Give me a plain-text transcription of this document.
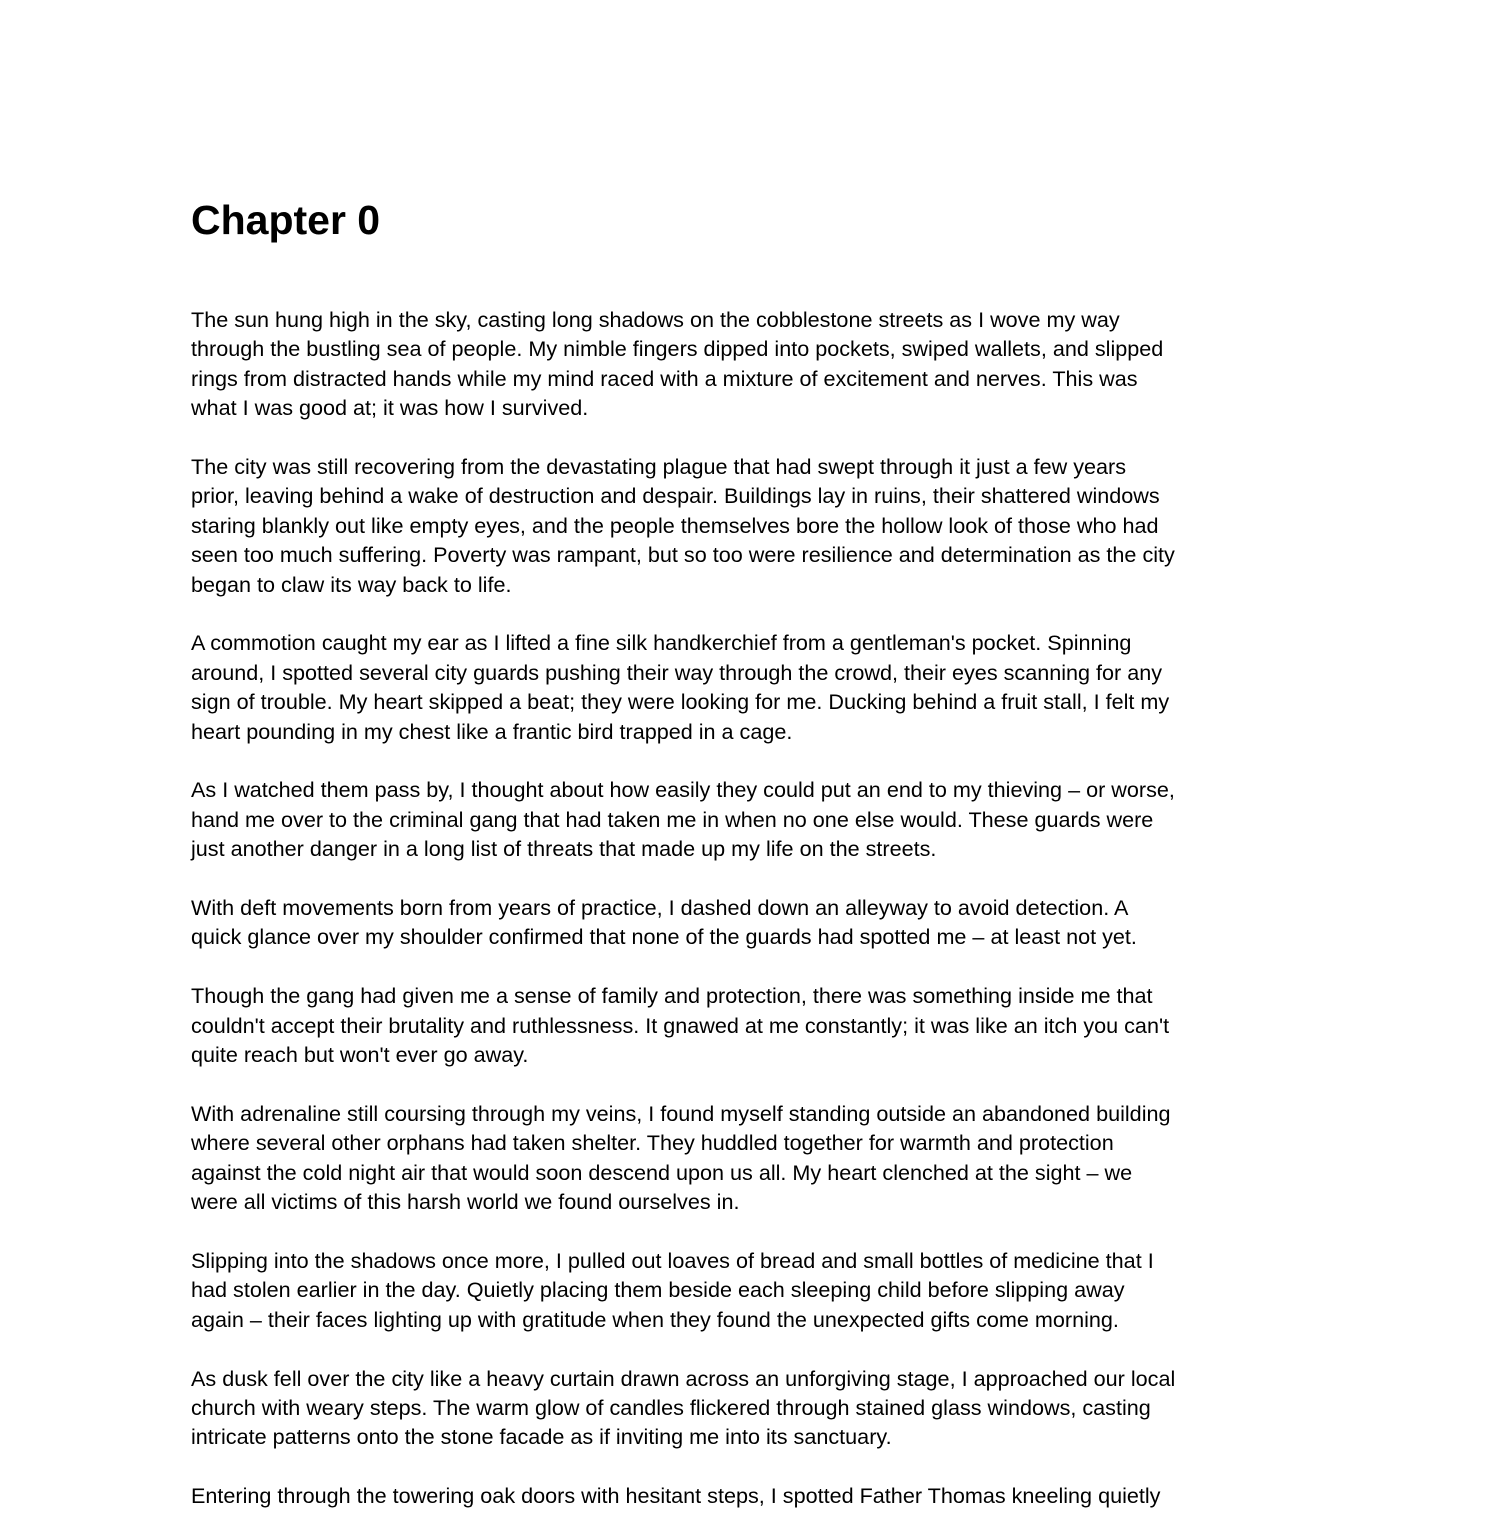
Chapter 0

The sun hung high in the sky, casting long shadows on the cobblestone streets as I wove my way
through the bustling sea of people. My nimble fingers dipped into pockets, swiped wallets, and slipped
rings from distracted hands while my mind raced with a mixture of excitement and nerves. This was
what I was good at; it was how I survived.

The city was still recovering from the devastating plague that had swept through it just a few years
prior, leaving behind a wake of destruction and despair. Buildings lay in ruins, their shattered windows
staring blankly out like empty eyes, and the people themselves bore the hollow look of those who had
seen too much suffering. Poverty was rampant, but so too were resilience and determination as the city
began to claw its way back to life.

A commotion caught my ear as I lifted a fine silk handkerchief from a gentleman's pocket. Spinning
around, I spotted several city guards pushing their way through the crowd, their eyes scanning for any
sign of trouble. My heart skipped a beat; they were looking for me. Ducking behind a fruit stall, I felt my
heart pounding in my chest like a frantic bird trapped in a cage.

As I watched them pass by, I thought about how easily they could put an end to my thieving – or worse,
hand me over to the criminal gang that had taken me in when no one else would. These guards were
just another danger in a long list of threats that made up my life on the streets.

With deft movements born from years of practice, I dashed down an alleyway to avoid detection. A
quick glance over my shoulder confirmed that none of the guards had spotted me – at least not yet.

Though the gang had given me a sense of family and protection, there was something inside me that
couldn't accept their brutality and ruthlessness. It gnawed at me constantly; it was like an itch you can't
quite reach but won't ever go away.

With adrenaline still coursing through my veins, I found myself standing outside an abandoned building
where several other orphans had taken shelter. They huddled together for warmth and protection
against the cold night air that would soon descend upon us all. My heart clenched at the sight – we
were all victims of this harsh world we found ourselves in.

Slipping into the shadows once more, I pulled out loaves of bread and small bottles of medicine that I
had stolen earlier in the day. Quietly placing them beside each sleeping child before slipping away
again – their faces lighting up with gratitude when they found the unexpected gifts come morning.

As dusk fell over the city like a heavy curtain drawn across an unforgiving stage, I approached our local
church with weary steps. The warm glow of candles flickered through stained glass windows, casting
intricate patterns onto the stone facade as if inviting me into its sanctuary.

Entering through the towering oak doors with hesitant steps, I spotted Father Thomas kneeling quietly
